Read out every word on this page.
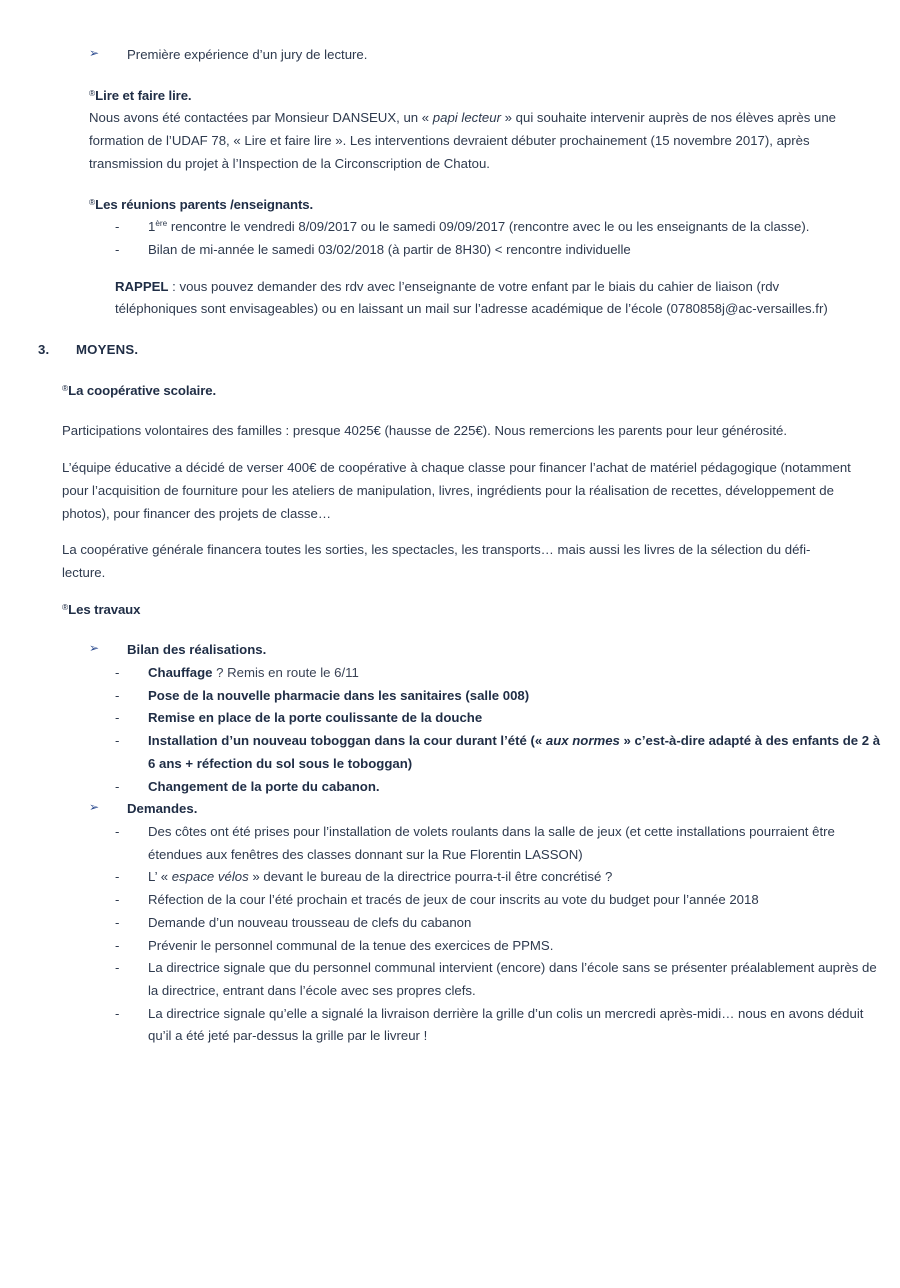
➢ Première expérience d’un jury de lecture.
®Lire et faire lire.
Nous avons été contactées par Monsieur DANSEUX, un « papi lecteur » qui souhaite intervenir auprès de nos élèves après une formation de l’UDAF 78, « Lire et faire lire ». Les interventions devraient débuter prochainement (15 novembre 2017), après transmission du projet à l’Inspection de la Circonscription de Chatou.
®Les réunions parents /enseignants.
- 1ère rencontre le vendredi 8/09/2017 ou le samedi 09/09/2017 (rencontre avec le ou les enseignants de la classe).
- Bilan de mi-année le samedi 03/02/2018 (à partir de 8H30) < rencontre individuelle
RAPPEL : vous pouvez demander des rdv avec l’enseignante de votre enfant par le biais du cahier de liaison (rdv téléphoniques sont envisageables) ou en laissant un mail sur l’adresse académique de l’école (0780858j@ac-versailles.fr)
3. MOYENS.
®La coopérative scolaire.
Participations volontaires des familles : presque 4025€ (hausse de 225€). Nous remercions les parents pour leur générosité.
L’équipe éducative a décidé de verser 400€ de coopérative à chaque classe pour financer l’achat de matériel pédagogique (notamment pour l’acquisition de fourniture pour les ateliers de manipulation, livres, ingrédients pour la réalisation de recettes, développement de photos), pour financer des projets de classe…
La coopérative générale financera toutes les sorties, les spectacles, les transports… mais aussi les livres de la sélection du défi-lecture.
®Les travaux
➢ Bilan des réalisations.
- Chauffage ? Remis en route le 6/11
- Pose de la nouvelle pharmacie dans les sanitaires (salle 008)
- Remise en place de la porte coulissante de la douche
- Installation d’un nouveau toboggan dans la cour durant l’été (« aux normes » c’est-à-dire adapté à des enfants de 2 à 6 ans + réfection du sol sous le toboggan)
- Changement de la porte du cabanon.
➢ Demandes.
- Des côtes ont été prises pour l’installation de volets roulants dans la salle de jeux (et cette installations pourraient être étendues aux fenêtres des classes donnant sur la Rue Florentin LASSON)
- L’ « espace vélos » devant le bureau de la directrice pourra-t-il être concrétisé ?
- Réfection de la cour l’été prochain et tracés de jeux de cour inscrits au vote du budget pour l’année 2018
- Demande d’un nouveau trousseau de clefs du cabanon
- Prévenir le personnel communal de la tenue des exercices de PPMS.
- La directrice signale que du personnel communal intervient (encore) dans l’école sans se présenter préalablement auprès de la directrice, entrant dans l’école avec ses propres clefs.
- La directrice signale qu’elle a signalé la livraison derrière la grille d’un colis un mercredi après-midi… nous en avons déduit qu’il a été jeté par-dessus la grille par le livreur !
